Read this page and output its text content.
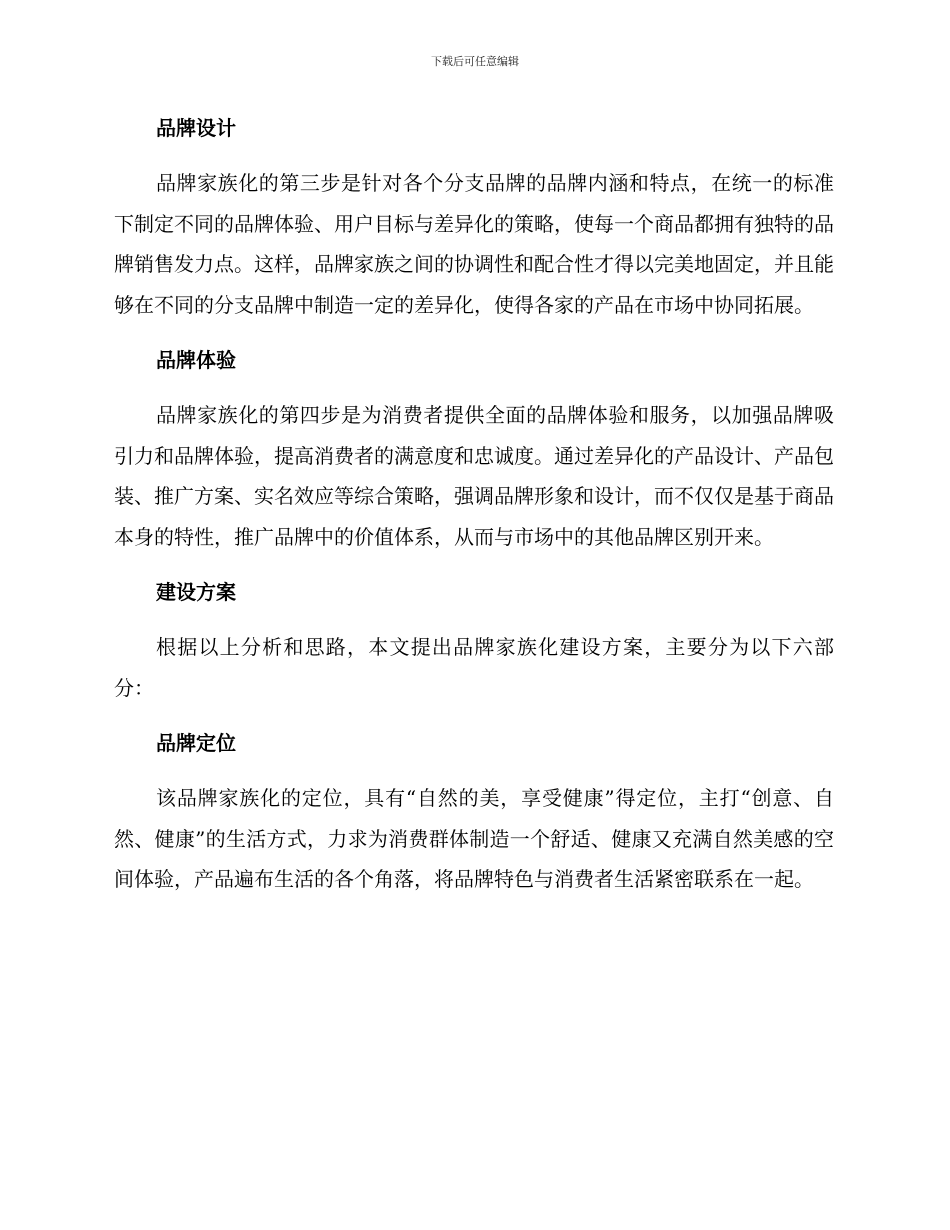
下载后可任意编辑
品牌设计

品牌家族化的第三步是针对各个分支品牌的品牌内涵和特点，在统一的标准下制定不同的品牌体验、用户目标与差异化的策略，使每一个商品都拥有独特的品牌销售发力点。这样，品牌家族之间的协调性和配合性才得以完美地固定，并且能够在不同的分支品牌中制造一定的差异化，使得各家的产品在市场中协同拓展。

品牌体验

品牌家族化的第四步是为消费者提供全面的品牌体验和服务，以加强品牌吸引力和品牌体验，提高消费者的满意度和忠诚度。通过差异化的产品设计、产品包装、推广方案、实名效应等综合策略，强调品牌形象和设计，而不仅仅是基于商品本身的特性，推广品牌中的价值体系，从而与市场中的其他品牌区别开来。

建设方案

根据以上分析和思路，本文提出品牌家族化建设方案，主要分为以下六部分：

品牌定位

该品牌家族化的定位，具有“自然的美，享受健康”得定位，主打“创意、自然、健康”的生活方式，力求为消费群体制造一个舒适、健康又充满自然美感的空间体验，产品遍布生活的各个角落，将品牌特色与消费者生活紧密联系在一起。
